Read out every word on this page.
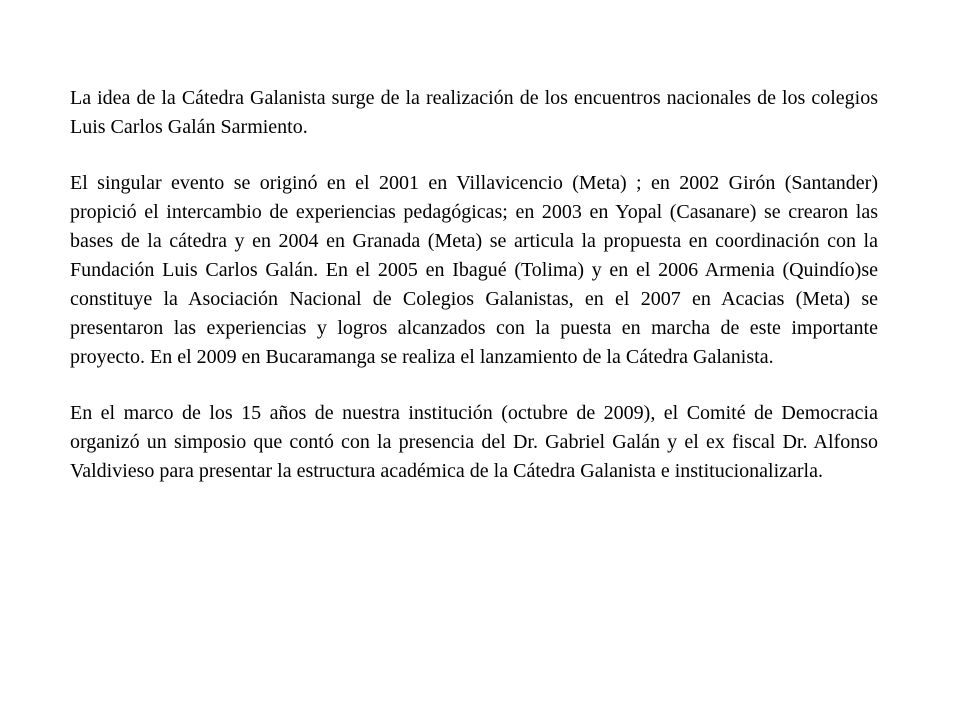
La idea de la Cátedra Galanista surge de la realización de los encuentros nacionales de los colegios Luis Carlos Galán Sarmiento.

El singular evento se originó en el 2001 en Villavicencio (Meta) ; en 2002 Girón (Santander) propició el intercambio de experiencias pedagógicas; en 2003 en Yopal (Casanare) se crearon las bases de la cátedra y en 2004 en Granada (Meta) se articula la propuesta en coordinación con la Fundación Luis Carlos Galán. En el 2005 en Ibagué (Tolima) y en el 2006 Armenia (Quindío)se constituye la Asociación Nacional de Colegios Galanistas, en el 2007 en Acacias (Meta) se presentaron las experiencias y logros alcanzados con la puesta en marcha de este importante proyecto. En el 2009 en Bucaramanga se realiza el lanzamiento de la Cátedra Galanista.

En el marco de los 15 años de nuestra institución (octubre de 2009), el Comité de Democracia organizó un simposio que contó con la presencia del Dr. Gabriel Galán y el ex fiscal Dr. Alfonso Valdivieso para presentar la estructura académica de la Cátedra Galanista e institucionalizarla.
